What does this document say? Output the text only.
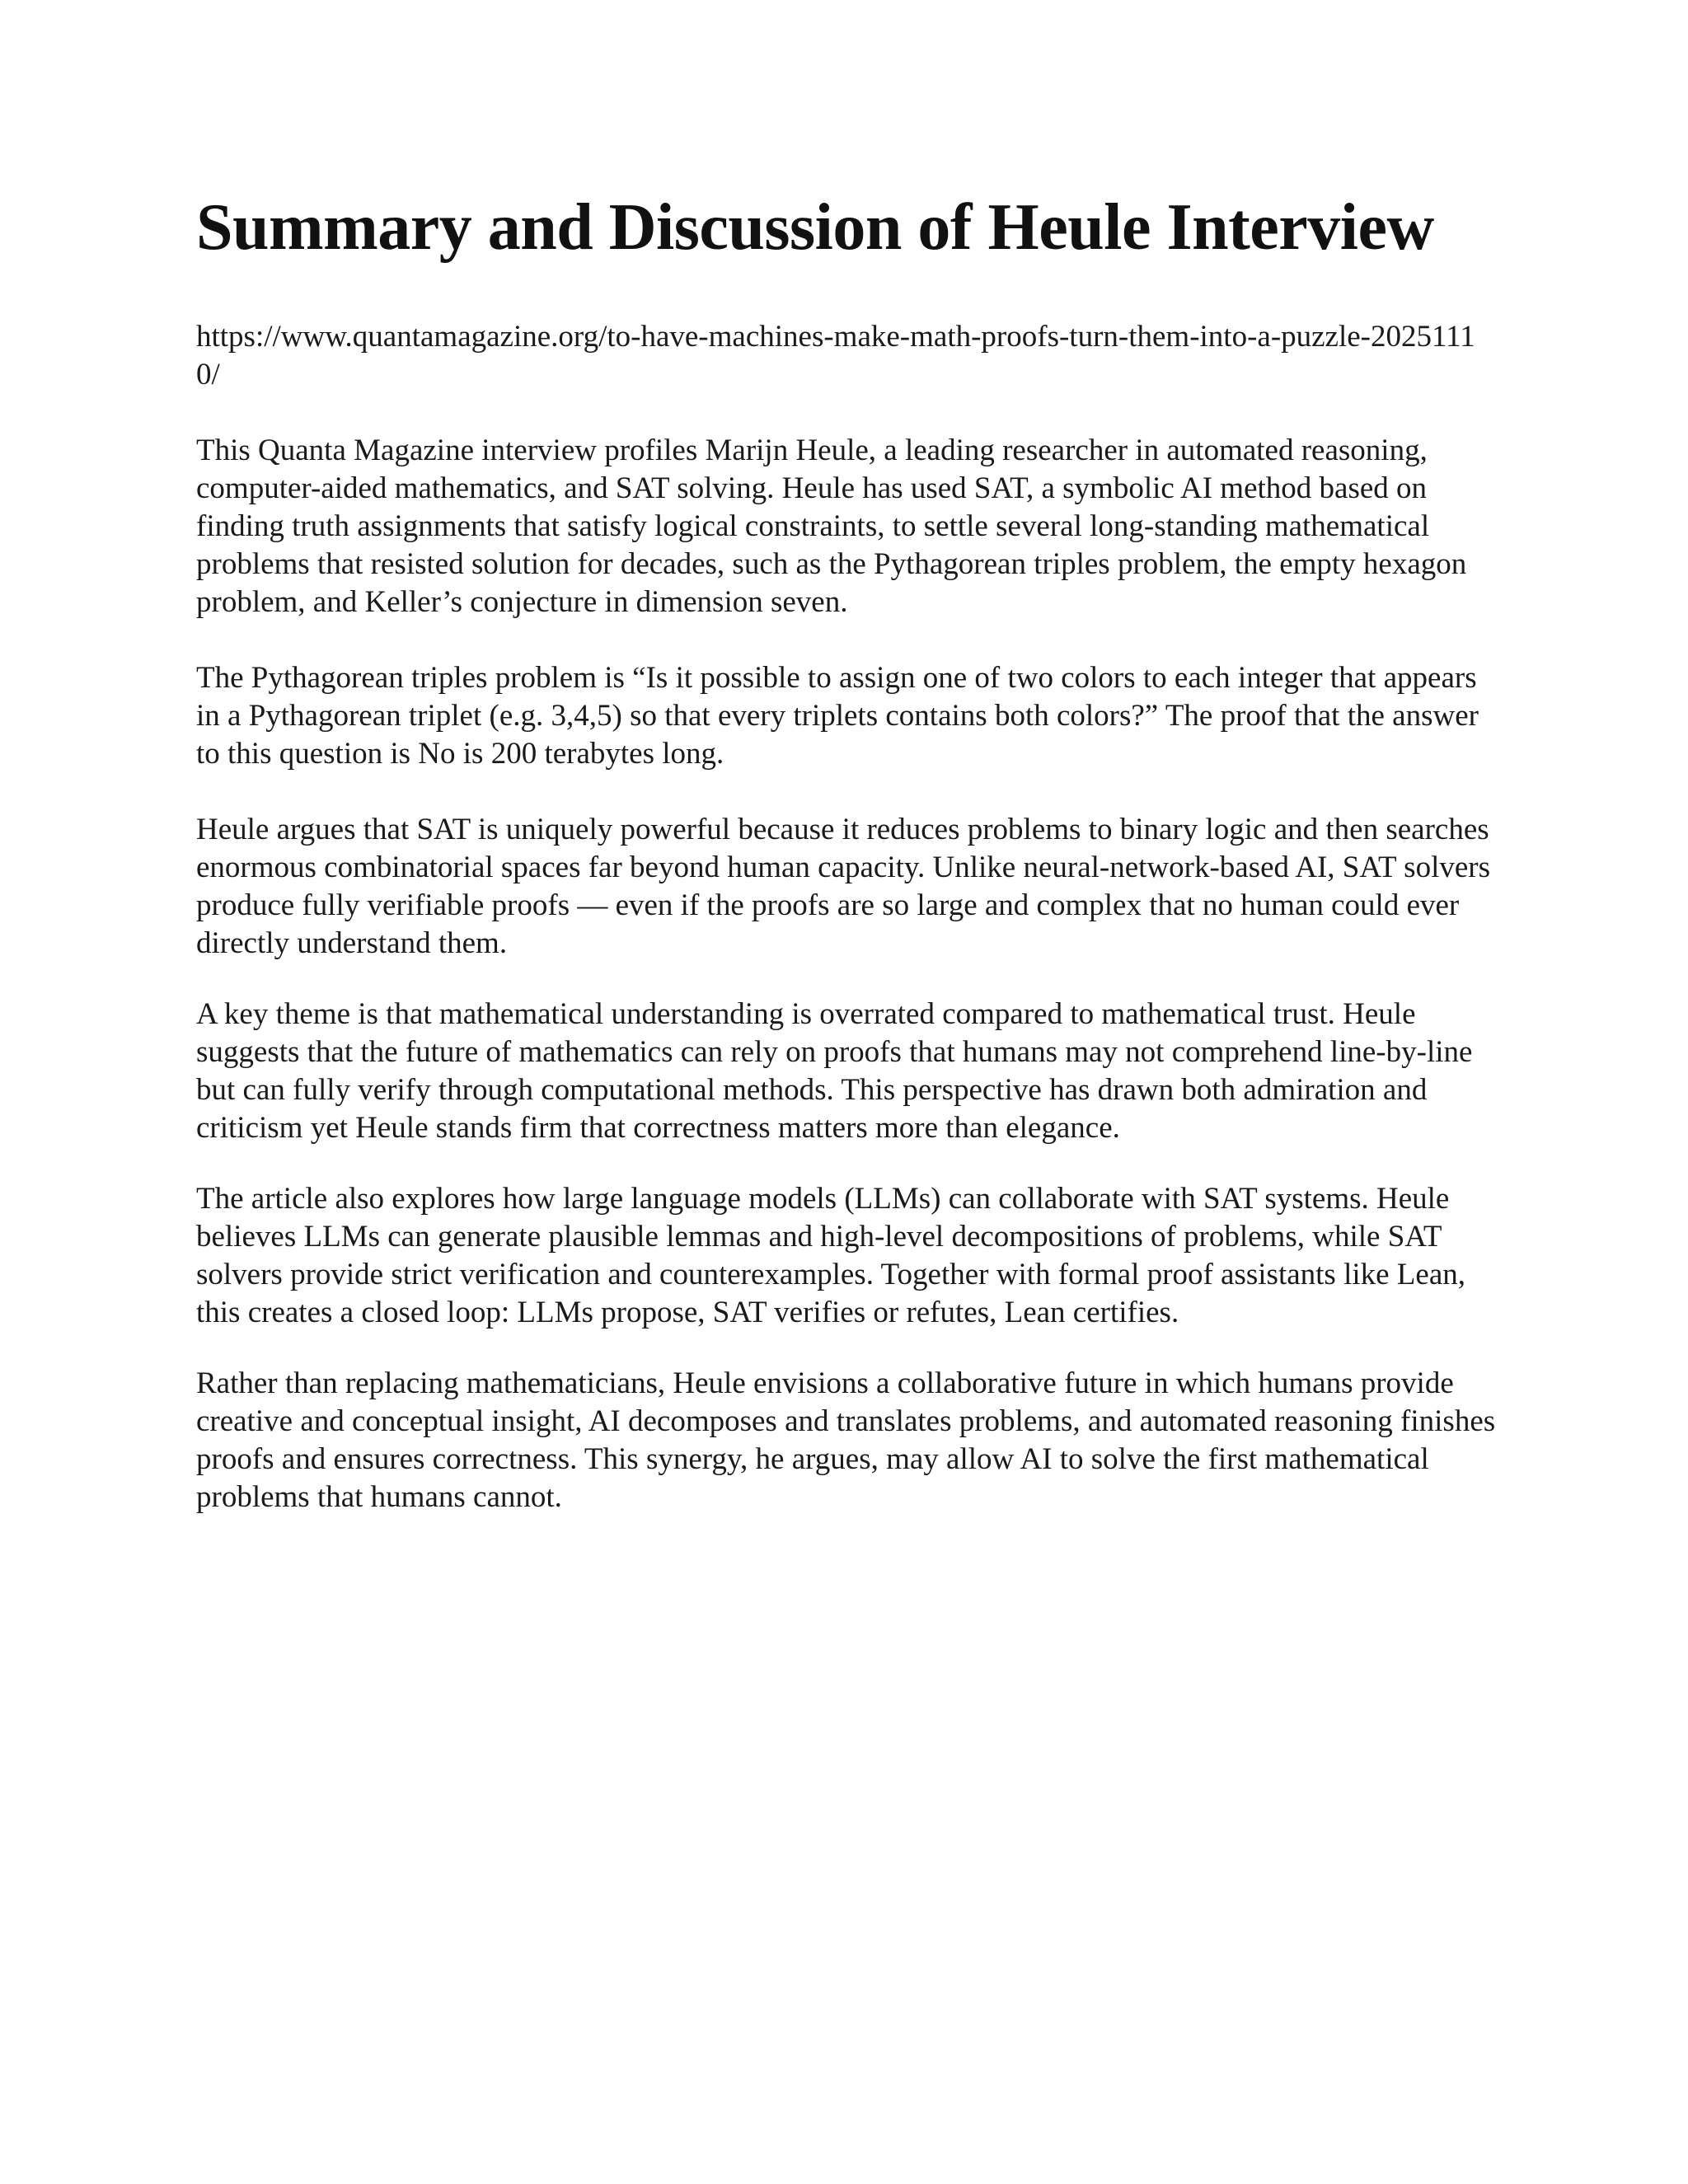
Summary and Discussion of Heule Interview

https://www.quantamagazine.org/to-have-machines-make-math-proofs-turn-them-into-a-puzzle-20251110/

This Quanta Magazine interview profiles Marijn Heule, a leading researcher in automated reasoning, computer-aided mathematics, and SAT solving. Heule has used SAT, a symbolic AI method based on finding truth assignments that satisfy logical constraints, to settle several long-standing mathematical problems that resisted solution for decades, such as the Pythagorean triples problem, the empty hexagon problem, and Keller’s conjecture in dimension seven.

The Pythagorean triples problem is “Is it possible to assign one of two colors to each integer that appears in a Pythagorean triplet (e.g. 3,4,5) so that every triplets contains both colors?” The proof that the answer to this question is No is 200 terabytes long.

Heule argues that SAT is uniquely powerful because it reduces problems to binary logic and then searches enormous combinatorial spaces far beyond human capacity. Unlike neural-network-based AI, SAT solvers produce fully verifiable proofs — even if the proofs are so large and complex that no human could ever directly understand them.

A key theme is that mathematical understanding is overrated compared to mathematical trust. Heule suggests that the future of mathematics can rely on proofs that humans may not comprehend line-by-line but can fully verify through computational methods. This perspective has drawn both admiration and criticism yet Heule stands firm that correctness matters more than elegance.

The article also explores how large language models (LLMs) can collaborate with SAT systems. Heule believes LLMs can generate plausible lemmas and high-level decompositions of problems, while SAT solvers provide strict verification and counterexamples. Together with formal proof assistants like Lean, this creates a closed loop: LLMs propose, SAT verifies or refutes, Lean certifies.

Rather than replacing mathematicians, Heule envisions a collaborative future in which humans provide creative and conceptual insight, AI decomposes and translates problems, and automated reasoning finishes proofs and ensures correctness. This synergy, he argues, may allow AI to solve the first mathematical problems that humans cannot.
